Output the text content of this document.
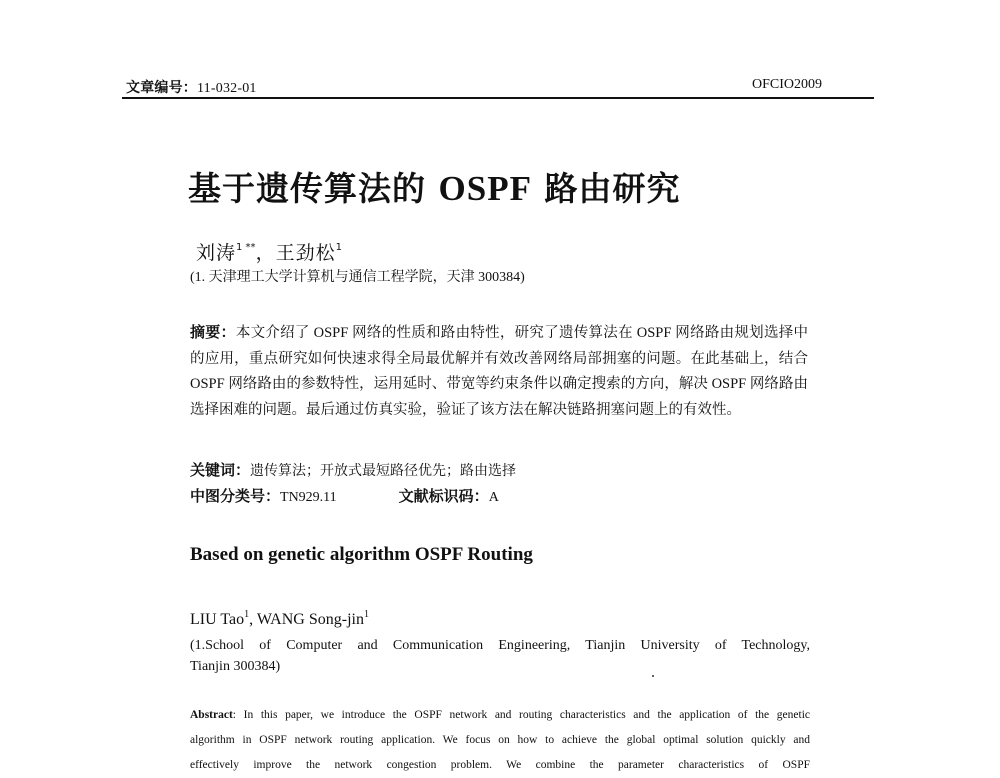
文章编号：11-032-01	OFCIO2009
基于遗传算法的 OSPF 路由研究
刘涛$^{1 **}$，王劲松$^1$
(1. 天津理工大学计算机与通信工程学院，天津 300384)
摘要：本文介绍了 OSPF 网络的性质和路由特性，研究了遗传算法在 OSPF 网络路由规划选择中的应用，重点研究如何快速求得全局最优解并有效改善网络局部拥塞的问题。在此基础上，结合 OSPF 网络路由的参数特性，运用延时、带宽等约束条件以确定搜索的方向，解决 OSPF 网络路由选择困难的问题。最后通过仿真实验，验证了该方法在解决链路拥塞问题上的有效性。
关键词：遗传算法；开放式最短路径优先；路由选择
中图分类号：TN929.11	文献标识码：A
Based on genetic algorithm OSPF Routing
LIU Tao$^1$, WANG Song-jin$^1$
(1.School of Computer and Communication Engineering, Tianjin University of Technology,
Tianjin 300384)
Abstract: In this paper, we introduce the OSPF network and routing characteristics and the application of the genetic
algorithm in OSPF network routing application. We focus on how to achieve the global optimal solution quickly and
effectively improve the network congestion problem. We combine the parameter characteristics of OSPF
